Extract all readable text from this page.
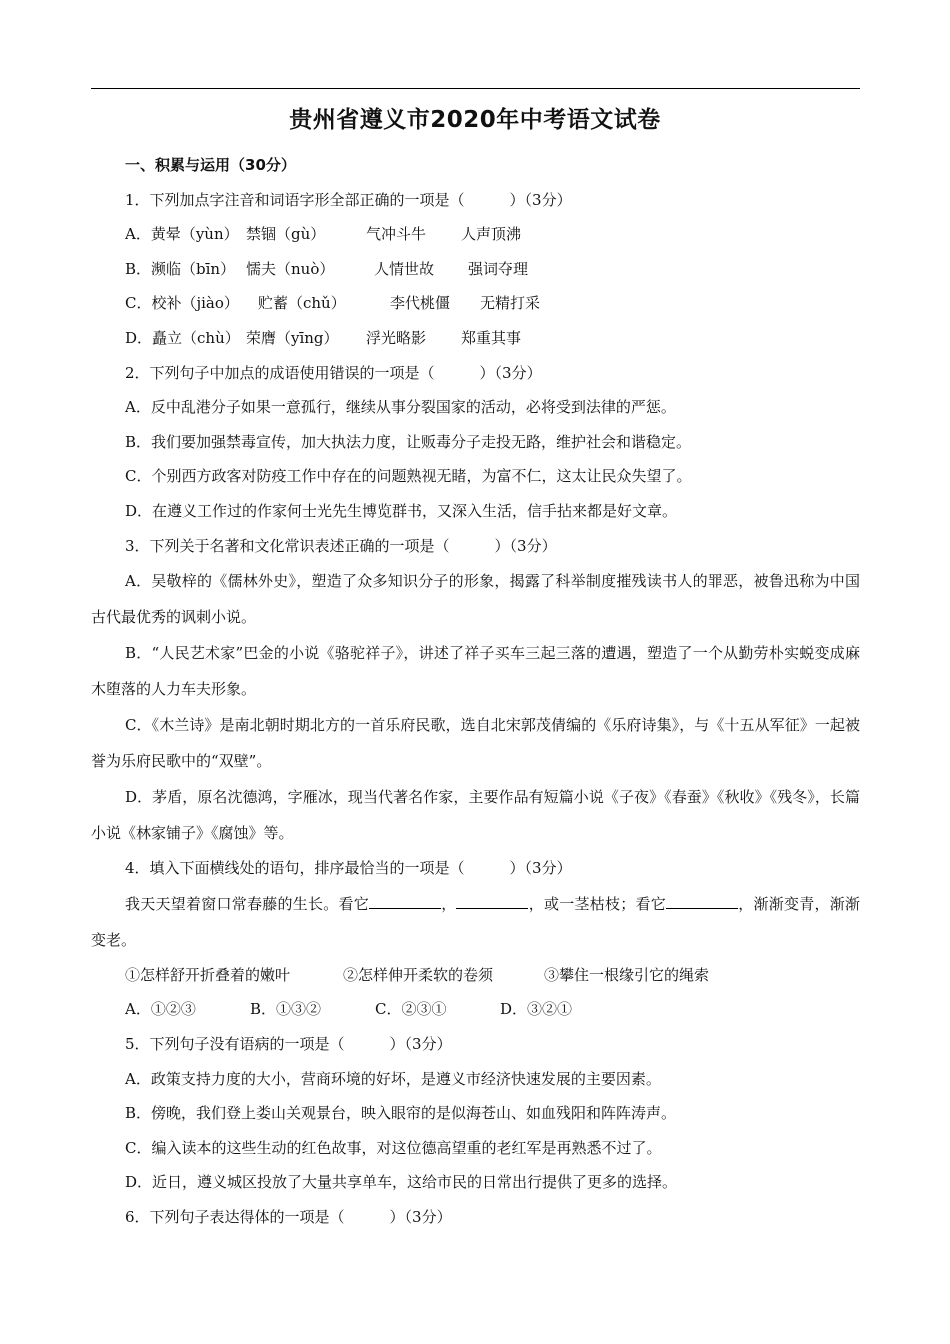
贵州省遵义市2020年中考语文试卷
一、积累与运用（30分）
1．下列加点字注音和词语字形全部正确的一项是（　　　）（3分）
A．黄晕（yùn） 禁锢（gù）	气冲斗牛 人声顶沸
B．濒临（bīn） 懦夫（nuò）	人情世故 强词夺理
C．校补（jiào） 贮蓄（chǔ）	李代桃僵 无精打采
D．矗立（chù） 荣膺（yīng） 浮光略影 郑重其事
2．下列句子中加点的成语使用错误的一项是（　　　）（3分）
A．反中乱港分子如果一意孤行，继续从事分裂国家的活动，必将受到法律的严惩。
B．我们要加强禁毒宣传，加大执法力度，让贩毒分子走投无路，维护社会和谐稳定。
C．个别西方政客对防疫工作中存在的问题熟视无睹，为富不仁，这太让民众失望了。
D．在遵义工作过的作家何士光先生博览群书，又深入生活，信手拈来都是好文章。
3．下列关于名著和文化常识表述正确的一项是（　　　）（3分）
A．吴敬梓的《儒林外史》，塑造了众多知识分子的形象，揭露了科举制度摧残读书人的罪恶，被鲁迅称为中国古代最优秀的讽刺小说。
B．“人民艺术家”巴金的小说《骆驼祥子》，讲述了祥子买车三起三落的遭遇，塑造了一个从勤劳朴实蜕变成麻木堕落的人力车夫形象。
C．《木兰诗》是南北朝时期北方的一首乐府民歌，选自北宋郭茂倩编的《乐府诗集》，与《十五从军征》一起被誉为乐府民歌中的“双壁”。
D．茅盾，原名沈德鸿，字雁冰，现当代著名作家，主要作品有短篇小说《子夜》《春蚕》《秋收》《残冬》，长篇小说《林家铺子》《腐蚀》等。
4．填入下面横线处的语句，排序最恰当的一项是（　　　）（3分）
我天天望着窗口常春藤的生长。看它	，	，或一茎枯枝；看它	，渐渐变青，渐渐变老。
①怎样舒开折叠着的嫩叶	②怎样伸开柔软的卷须	③攀住一根缘引它的绳索
A．①②③	B．①③②	C．②③①	D．③②①
5．下列句子没有语病的一项是（　　　）（3分）
A．政策支持力度的大小，营商环境的好坏，是遵义市经济快速发展的主要因素。
B．傍晚，我们登上娄山关观景台，映入眼帘的是似海苍山、如血残阳和阵阵涛声。
C．编入读本的这些生动的红色故事，对这位德高望重的老红军是再熟悉不过了。
D．近日，遵义城区投放了大量共享单车，这给市民的日常出行提供了更多的选择。
6．下列句子表达得体的一项是（　　　）（3分）
